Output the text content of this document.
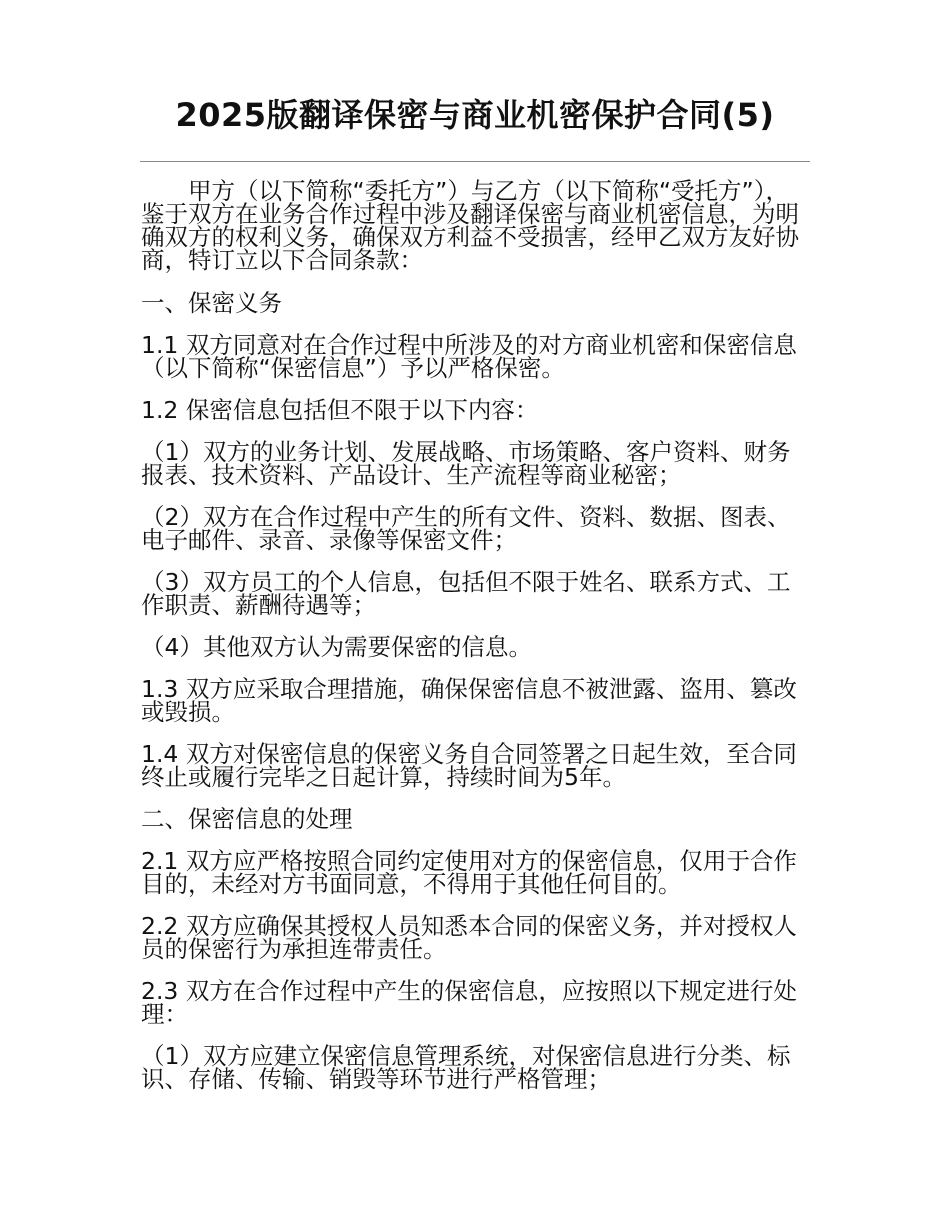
2025版翻译保密与商业机密保护合同(5)

甲方（以下简称“委托方”）与乙方（以下简称“受托方”），鉴于双方在业务合作过程中涉及翻译保密与商业机密信息，为明确双方的权利义务，确保双方利益不受损害，经甲乙双方友好协商，特订立以下合同条款：

一、保密义务

1.1 双方同意对在合作过程中所涉及的对方商业机密和保密信息（以下简称“保密信息”）予以严格保密。

1.2 保密信息包括但不限于以下内容：

（1）双方的业务计划、发展战略、市场策略、客户资料、财务报表、技术资料、产品设计、生产流程等商业秘密；

（2）双方在合作过程中产生的所有文件、资料、数据、图表、电子邮件、录音、录像等保密文件；

（3）双方员工的个人信息，包括但不限于姓名、联系方式、工作职责、薪酬待遇等；

（4）其他双方认为需要保密的信息。

1.3 双方应采取合理措施，确保保密信息不被泄露、盗用、篡改或毁损。

1.4 双方对保密信息的保密义务自合同签署之日起生效，至合同终止或履行完毕之日起计算，持续时间为5年。

二、保密信息的处理

2.1 双方应严格按照合同约定使用对方的保密信息，仅用于合作目的，未经对方书面同意，不得用于其他任何目的。

2.2 双方应确保其授权人员知悉本合同的保密义务，并对授权人员的保密行为承担连带责任。

2.3 双方在合作过程中产生的保密信息，应按照以下规定进行处理：

（1）双方应建立保密信息管理系统，对保密信息进行分类、标识、存储、传输、销毁等环节进行严格管理；
